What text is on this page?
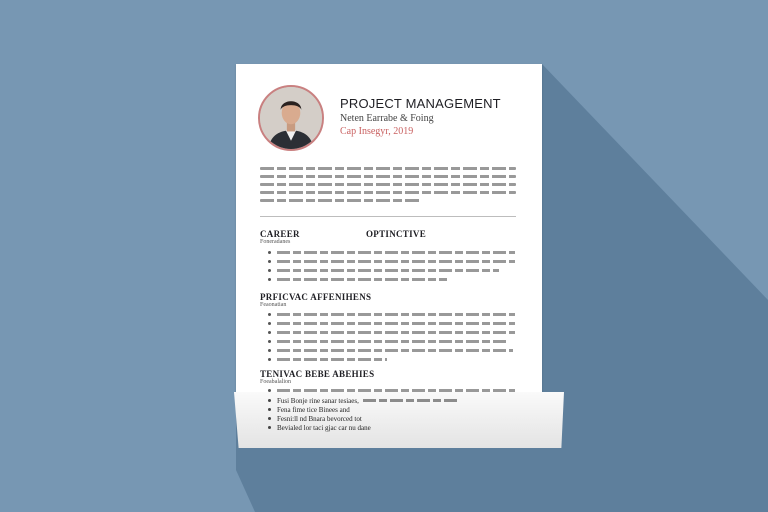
PROJECT MANAGEMENT
Neten Earrabe & Foing
Cap Insegyr, 2019
CAREER	OPTINCTIVE
Foneradanes
PRFICVAC AFFENIHENS
Feaonatian
TENIVAC BEBE ABEHIES
Foeabalalion
Fusi Bonje rine sanar tesiaes,
Fena fime tice Binees and
Fesni:ll nd Bnara bevorced tot
Bevialed lor taci gjac car nu dane
